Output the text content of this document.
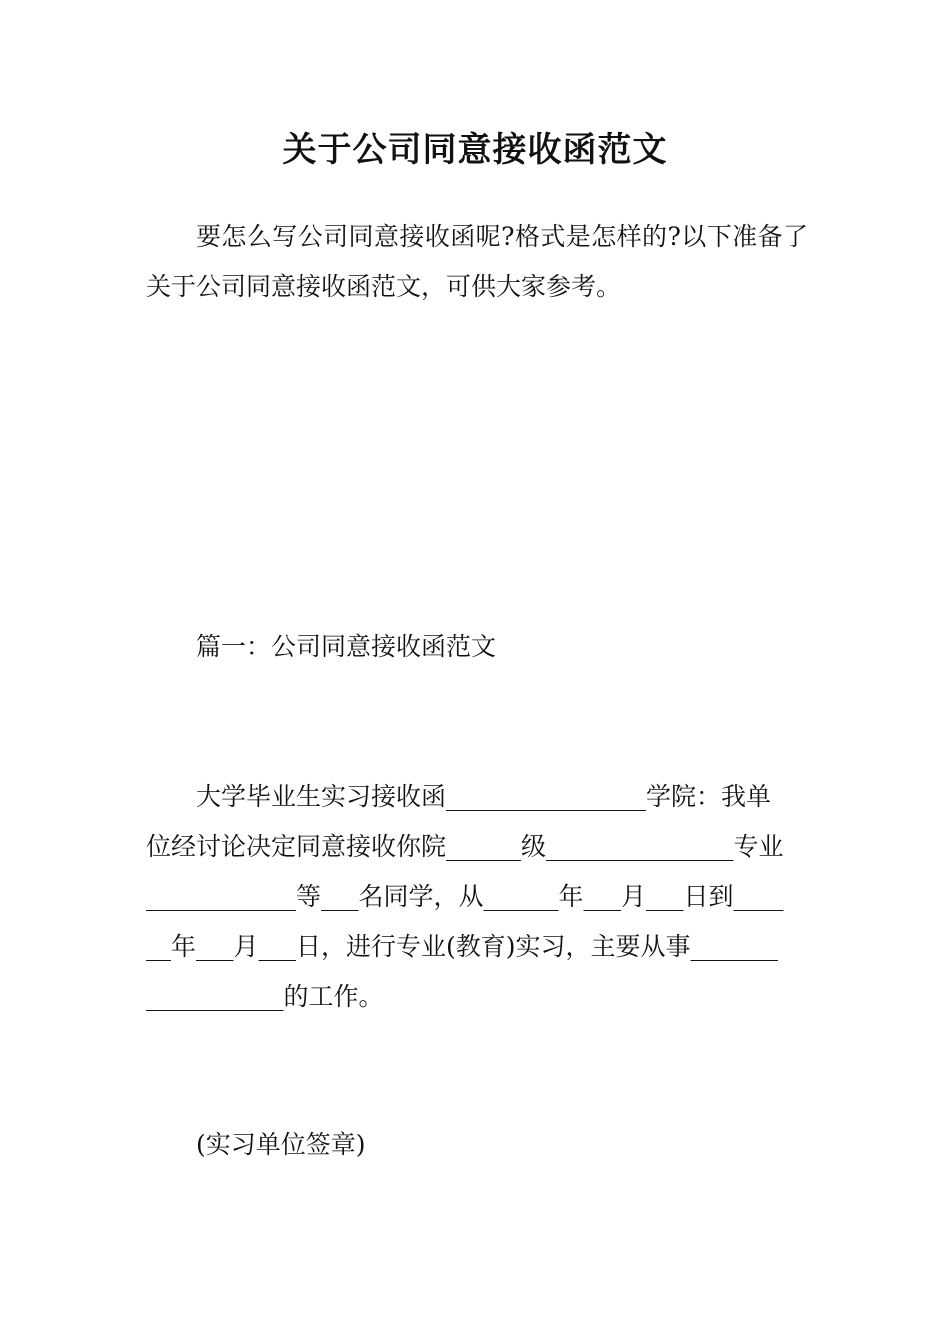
关于公司同意接收函范文

要怎么写公司同意接收函呢?格式是怎样的?以下准备了关于公司同意接收函范文，可供大家参考。

篇一：公司同意接收函范文

大学毕业生实习接收函________________学院：我单

位经讨论决定同意接收你院______级_______________专业

____________等___名同学，从______年___月___日到____

__年___月___日，进行专业(教育)实习，主要从事_______

___________的工作。

(实习单位签章)
